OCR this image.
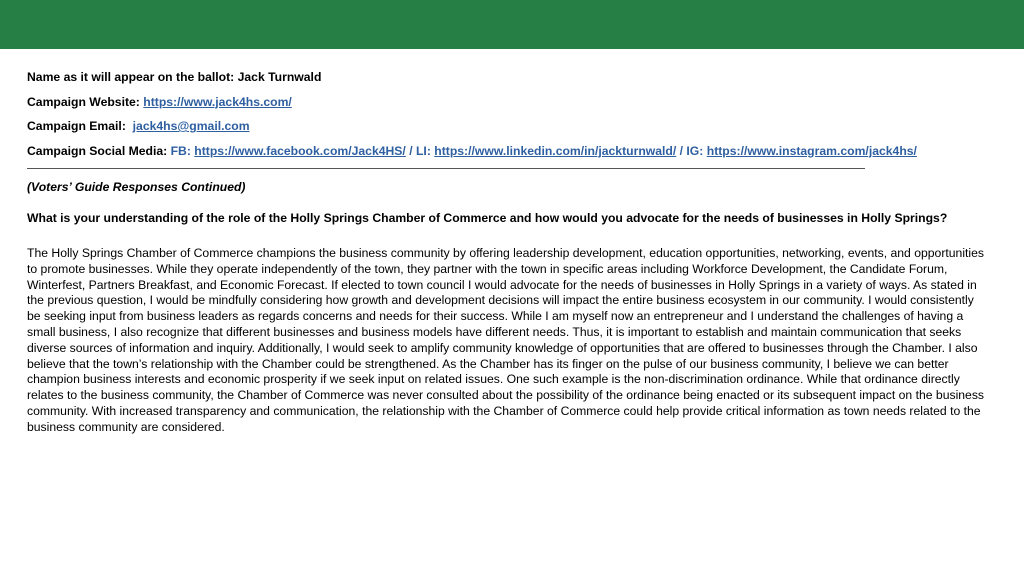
Name as it will appear on the ballot: Jack Turnwald
Campaign Website: https://www.jack4hs.com/
Campaign Email: jack4hs@gmail.com
Campaign Social Media: FB: https://www.facebook.com/Jack4HS/ / LI: https://www.linkedin.com/in/jackturnwald/ / IG: https://www.instagram.com/jack4hs/
(Voters’ Guide Responses Continued)
What is your understanding of the role of the Holly Springs Chamber of Commerce and how would you advocate for the needs of businesses in Holly Springs?
The Holly Springs Chamber of Commerce champions the business community by offering leadership development, education opportunities, networking, events, and opportunities to promote businesses. While they operate independently of the town, they partner with the town in specific areas including Workforce Development, the Candidate Forum, Winterfest, Partners Breakfast, and Economic Forecast. If elected to town council I would advocate for the needs of businesses in Holly Springs in a variety of ways. As stated in the previous question, I would be mindfully considering how growth and development decisions will impact the entire business ecosystem in our community. I would consistently be seeking input from business leaders as regards concerns and needs for their success. While I am myself now an entrepreneur and I understand the challenges of having a small business, I also recognize that different businesses and business models have different needs. Thus, it is important to establish and maintain communication that seeks diverse sources of information and inquiry. Additionally, I would seek to amplify community knowledge of opportunities that are offered to businesses through the Chamber. I also believe that the town’s relationship with the Chamber could be strengthened. As the Chamber has its finger on the pulse of our business community, I believe we can better champion business interests and economic prosperity if we seek input on related issues. One such example is the non-discrimination ordinance. While that ordinance directly relates to the business community, the Chamber of Commerce was never consulted about the possibility of the ordinance being enacted or its subsequent impact on the business community. With increased transparency and communication, the relationship with the Chamber of Commerce could help provide critical information as town needs related to the business community are considered.
